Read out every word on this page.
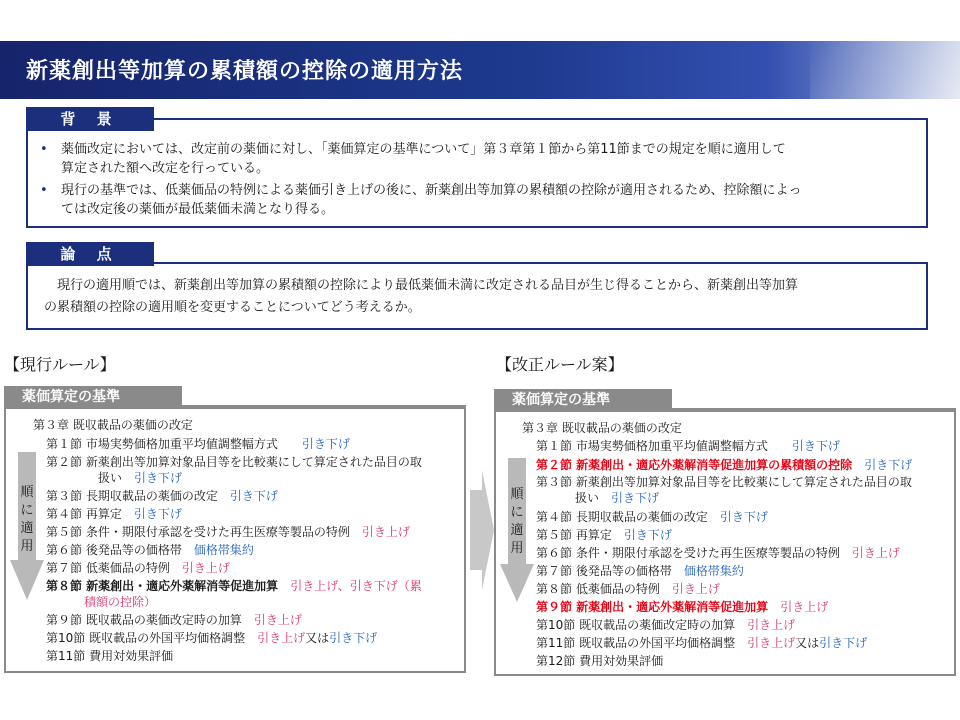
新薬創出等加算の累積額の控除の適用方法
背 景
• 薬価改定においては、改定前の薬価に対し、「薬価算定の基準について」第３章第１節から第11節までの規定を順に適用して
算定された額へ改定を行っている。
• 現行の基準では、低薬価品の特例による薬価引き上げの後に、新薬創出等加算の累積額の控除が適用されるため、控除額によっ
ては改定後の薬価が最低薬価未満となり得る。
論 点
　現行の適用順では、新薬創出等加算の累積額の控除により最低薬価未満に改定される品目が生じ得ることから、新薬創出等加算
の累積額の控除の適用順を変更することについてどう考えるか。
【現行ルール】	【改正ルール案】
薬価算定の基準
第３章 既収載品の薬価の改定
順
に
適
用
第１節 市場実勢価格加重平均値調整幅方式　　 引き下げ
第２節 新薬創出等加算対象品目等を比較薬にして算定された品目の取
扱い　 引き下げ
第３節 長期収載品の薬価の改定　 引き下げ
第４節 再算定　 引き下げ
第５節 条件・期限付承認を受けた再生医療等製品の特例　 引き上げ
第６節 後発品等の価格帯　 価格帯集約
第７節 低薬価品の特例　 引き上げ
第８節 新薬創出・適応外薬解消等促進加算　 引き上げ、引き下げ（累
積額の控除）
第９節 既収載品の薬価改定時の加算　 引き上げ
第10節 既収載品の外国平均価格調整　 引き上げ又は引き下げ
第11節 費用対効果評価
薬価算定の基準
第３章 既収載品の薬価の改定
順
に
適
用
第１節 市場実勢価格加重平均値調整幅方式　　 引き下げ
第２節 新薬創出・適応外薬解消等促進加算の累積額の控除　 引き下げ
第３節 新薬創出等加算対象品目等を比較薬にして算定された品目の取
扱い　 引き下げ
第４節 長期収載品の薬価の改定　 引き下げ
第５節 再算定　 引き下げ
第６節 条件・期限付承認を受けた再生医療等製品の特例　 引き上げ
第７節 後発品等の価格帯　 価格帯集約
第８節 低薬価品の特例　 引き上げ
第９節 新薬創出・適応外薬解消等促進加算　 引き上げ
第10節 既収載品の薬価改定時の加算　 引き上げ
第11節 既収載品の外国平均価格調整　 引き上げ又は引き下げ
第12節 費用対効果評価
